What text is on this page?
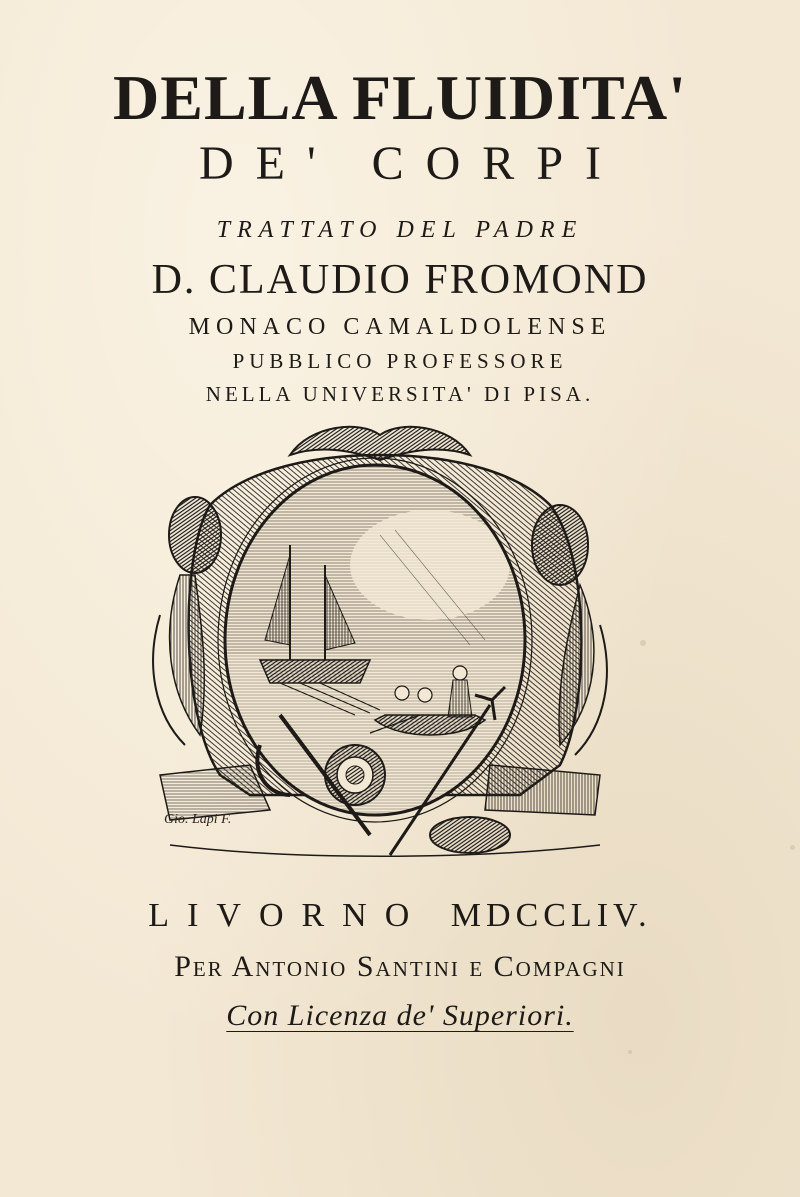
DELLA FLUIDITA'
DE' CORPI
TRATTATO DEL PADRE
D. CLAUDIO FROMOND
MONACO CAMALDOLENSE
PUBBLICO PROFESSORE
NELLA UNIVERSITA' DI PISA.
Gio. Lapi F.
LIVORNO MDCCLIV.
Per Antonio Santini e Compagni
Con Licenza de' Superiori.
